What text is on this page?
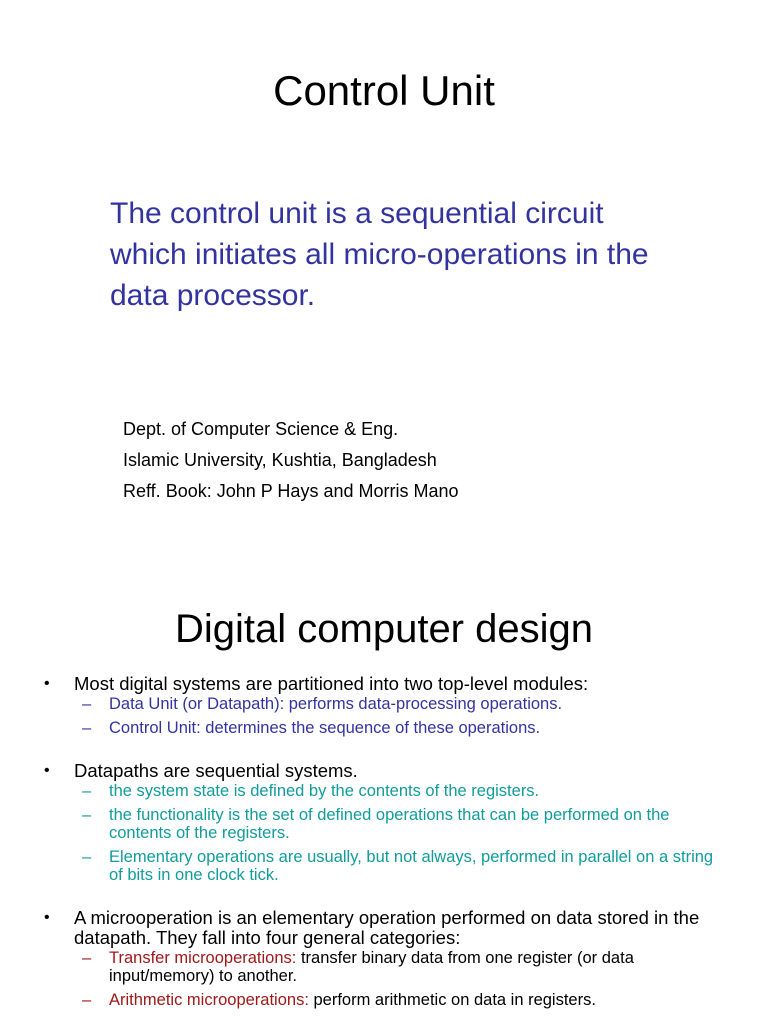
Control Unit

The control unit is a sequential circuit which initiates all micro-operations in the data processor.

Dept. of Computer Science & Eng.
Islamic University, Kushtia, Bangladesh
Reff. Book: John P Hays and Morris Mano
Digital computer design
• Most digital systems are partitioned into two top-level modules:
– Data Unit (or Datapath): performs data-processing operations.
– Control Unit: determines the sequence of these operations.
• Datapaths are sequential systems.
– the system state is defined by the contents of the registers.
– the functionality is the set of defined operations that can be performed on the contents of the registers.
– Elementary operations are usually, but not always, performed in parallel on a string of bits in one clock tick.
• A microoperation is an elementary operation performed on data stored in the datapath. They fall into four general categories:
– Transfer microoperations: transfer binary data from one register (or data input/memory) to another.
– Arithmetic microoperations: perform arithmetic on data in registers.
